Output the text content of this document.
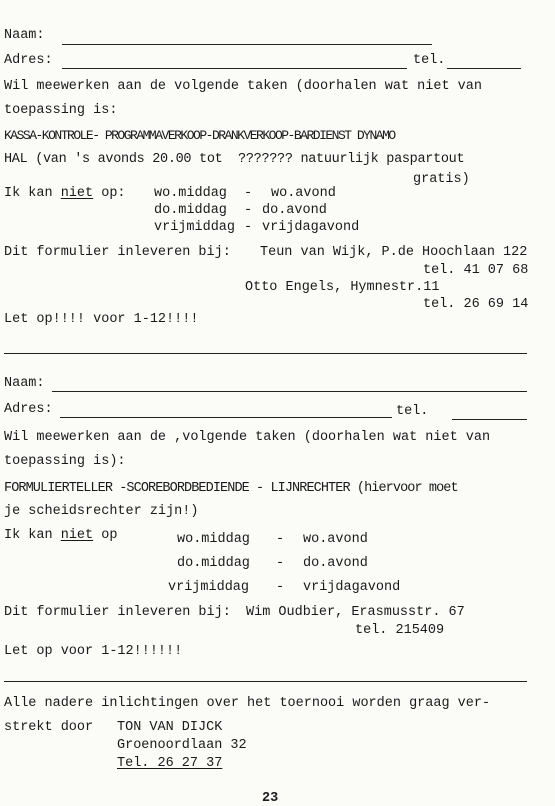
Naam:
Adres:	tel.
Wil meewerken aan de volgende taken (doorhalen wat niet van
toepassing is:
KASSA-KONTROLE- PROGRAMMAVERKOOP-DRANKVERKOOP-BARDIENST DYNAMO
HAL (van 's avonds 20.00 tot  ??????? natuurlijk paspartout
gratis)
Ik kan niet op: wo.middag - wo.avond
do.middag - do.avond
vrijmiddag - vrijdagavond
Dit formulier inleveren bij: Teun van Wijk, P.de Hoochlaan 122
tel. 41 07 68
Otto Engels, Hymnestr.11
tel. 26 69 14
Let op!!!! voor 1-12!!!!
Naam:
Adres:	tel.
Wil meewerken aan de ,volgende taken (doorhalen wat niet van
toepassing is):
FORMULIERTELLER -SCOREBORDBEDIENDE - LIJNRECHTER (hiervoor moet
je scheidsrechter zijn!)
Ik kan niet op	wo.middag - wo.avond
do.middag - do.avond
vrijmiddag - vrijdagavond
Dit formulier inleveren bij: Wim Oudbier, Erasmusstr. 67
tel. 215409
Let op voor 1-12!!!!!!
Alle nadere inlichtingen over het toernooi worden graag ver-
strekt door TON VAN DIJCK
Groenoordlaan 32
Tel. 26 27 37
23
